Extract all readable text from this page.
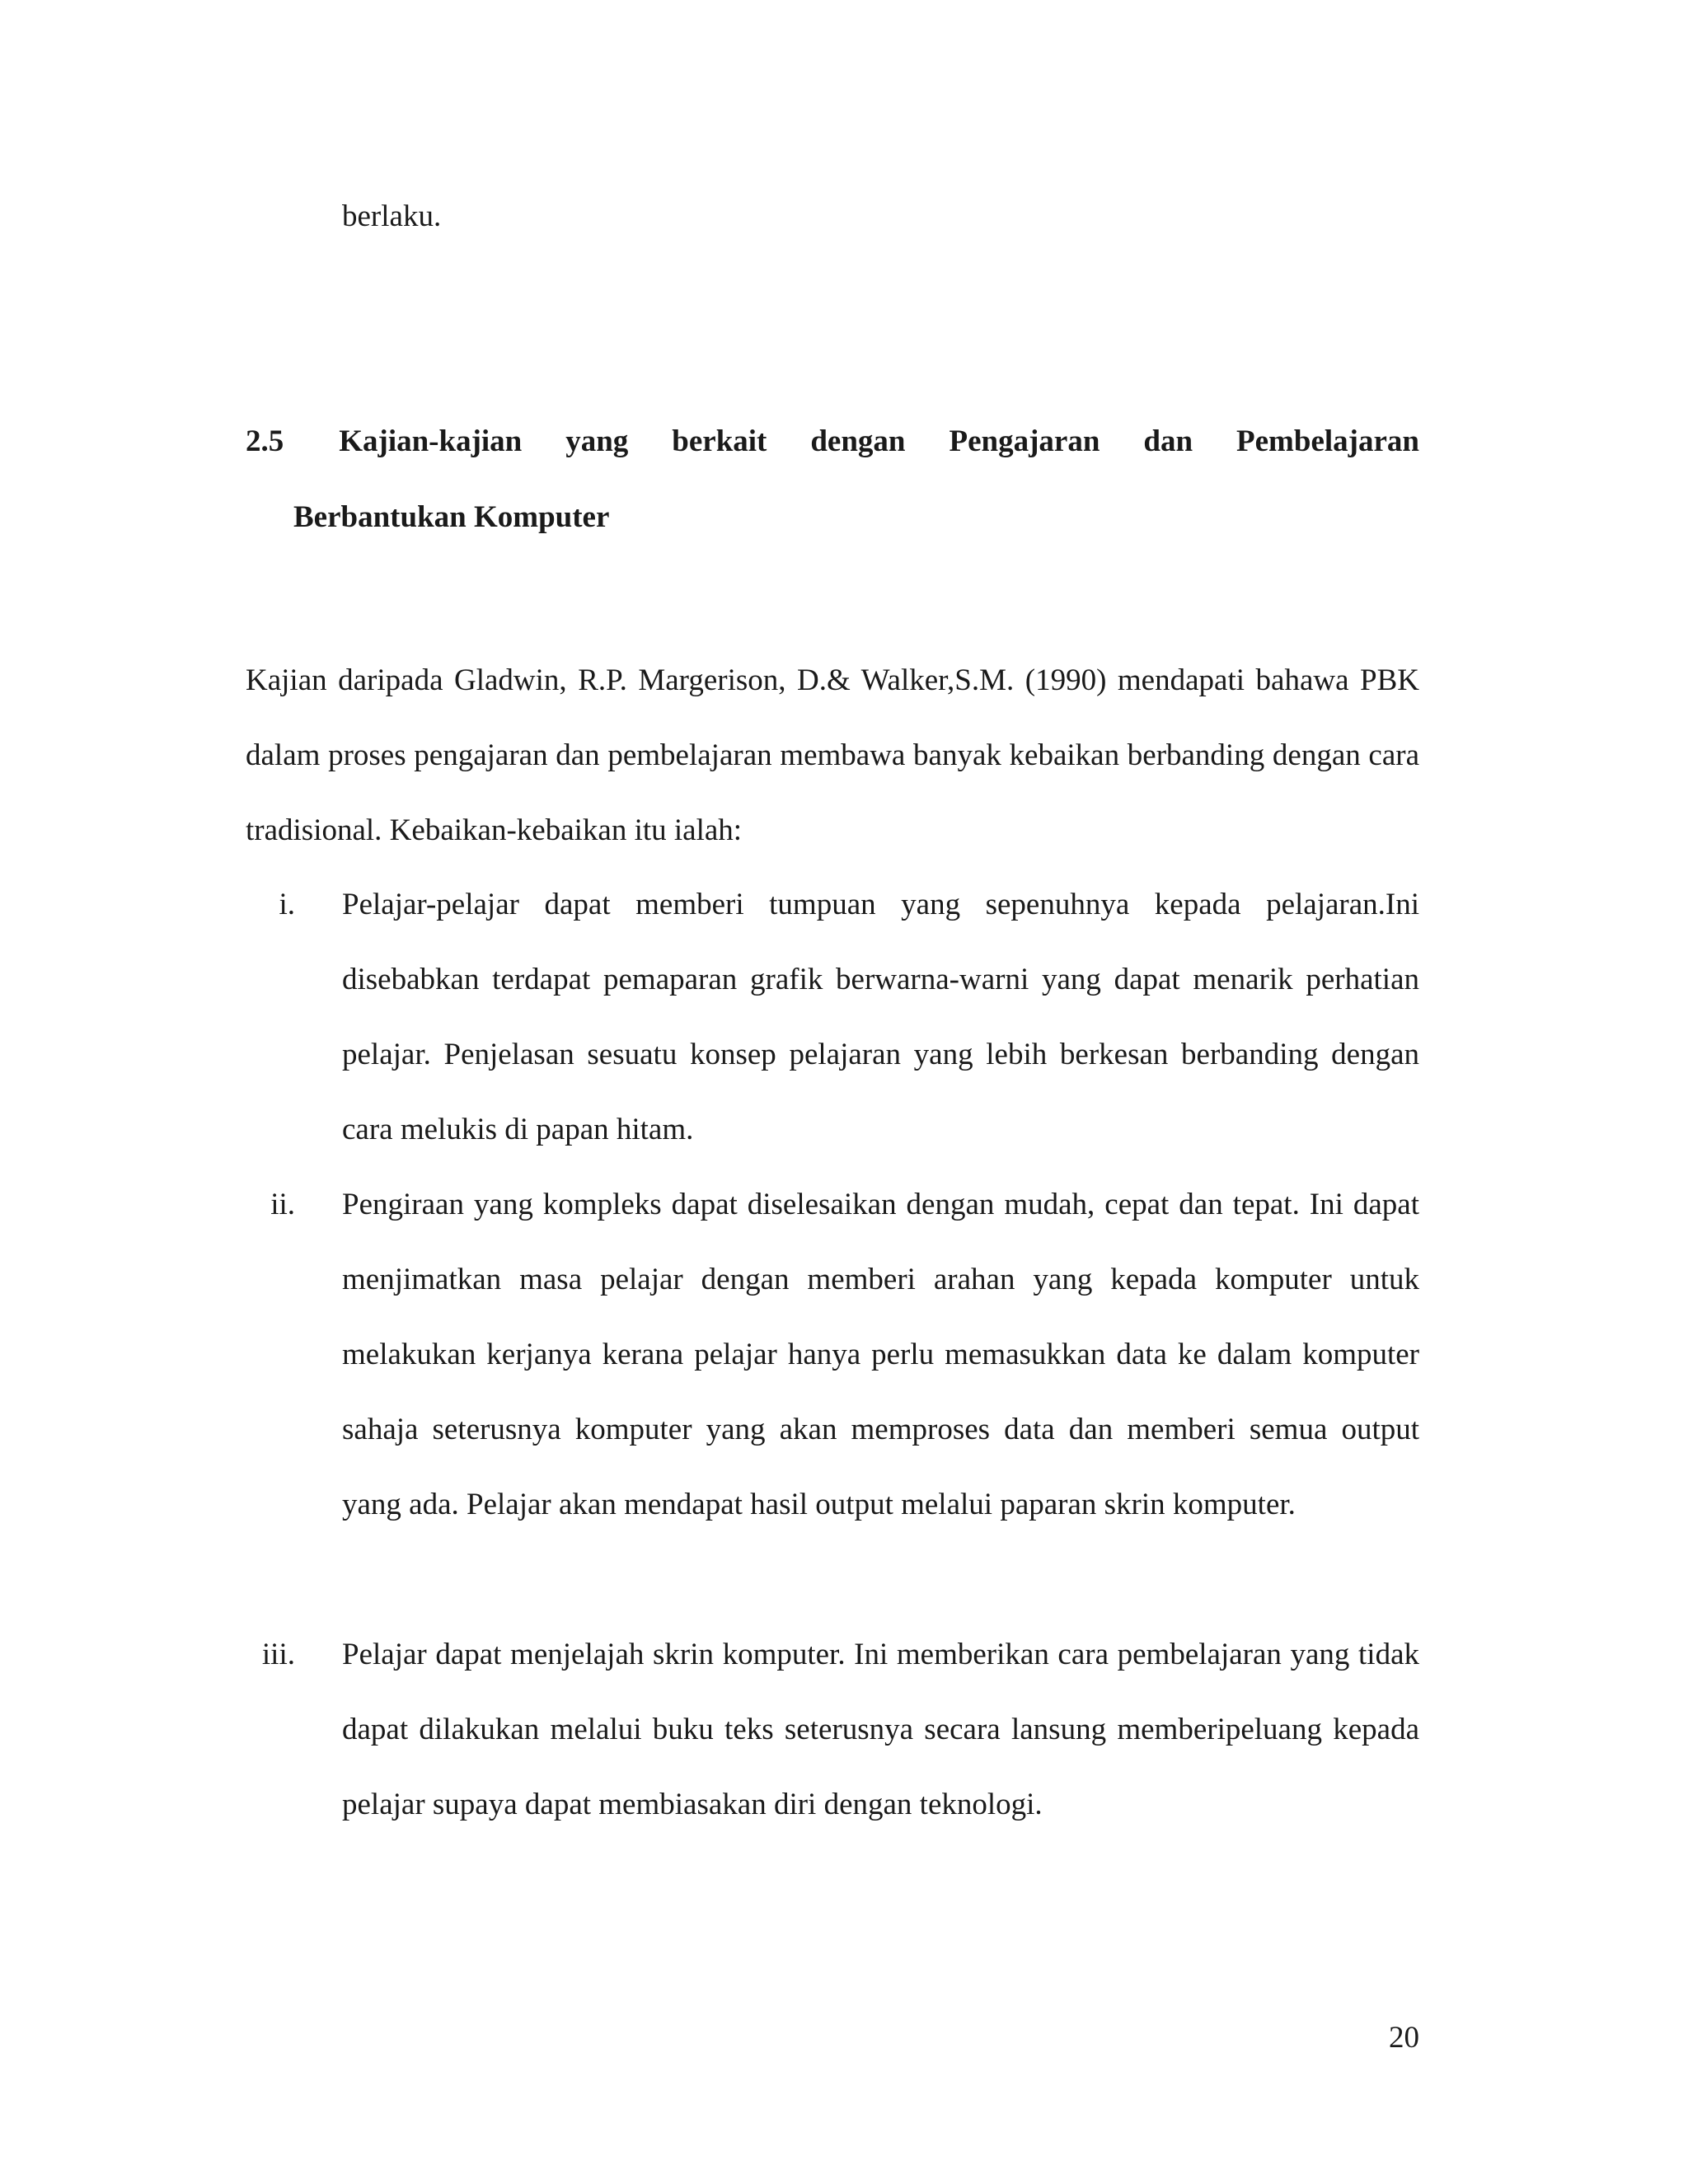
berlaku.
2.5 Kajian-kajian yang berkait dengan Pengajaran dan Pembelajaran
Berbantukan Komputer

Kajian daripada Gladwin, R.P. Margerison, D.& Walker,S.M. (1990) mendapati bahawa PBK dalam proses pengajaran dan pembelajaran membawa banyak kebaikan berbanding dengan cara tradisional. Kebaikan-kebaikan itu ialah:

i. Pelajar-pelajar dapat memberi tumpuan yang sepenuhnya kepada pelajaran.Ini disebabkan terdapat pemaparan grafik berwarna-warni yang dapat menarik perhatian pelajar. Penjelasan sesuatu konsep pelajaran yang lebih berkesan berbanding dengan cara melukis di papan hitam.

ii. Pengiraan yang kompleks dapat diselesaikan dengan mudah, cepat dan tepat. Ini dapat menjimatkan masa pelajar dengan memberi arahan yang kepada komputer untuk melakukan kerjanya kerana pelajar hanya perlu memasukkan data ke dalam komputer sahaja seterusnya komputer yang akan memproses data dan memberi semua output yang ada. Pelajar akan mendapat hasil output melalui paparan skrin komputer.

iii. Pelajar dapat menjelajah skrin komputer. Ini memberikan cara pembelajaran yang tidak dapat dilakukan melalui buku teks seterusnya secara lansung memberipeluang kepada pelajar supaya dapat membiasakan diri dengan teknologi.

20
